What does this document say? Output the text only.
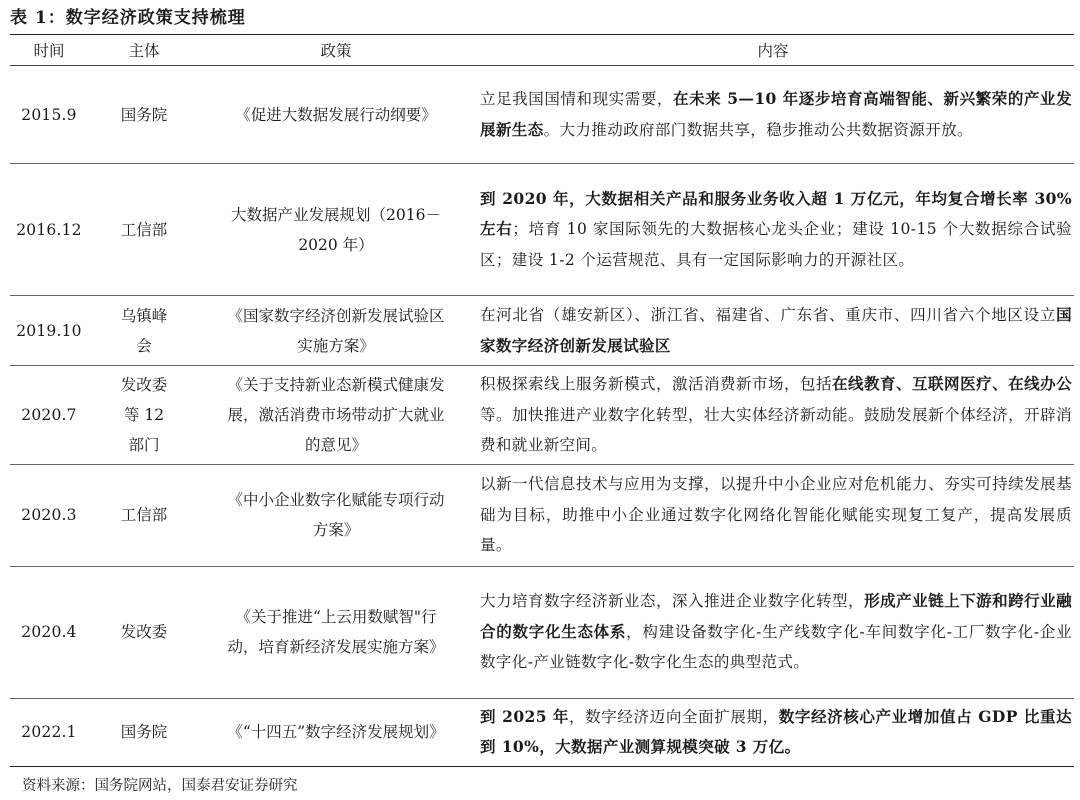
表 1：数字经济政策支持梳理
时间	主体	政策	内容

2015.9	国务院	《促进大数据发展行动纲要》	立足我国国情和现实需要，在未来 5—10 年逐步培育高端智能、新兴繁荣的产业发展新生态。大力推动政府部门数据共享，稳步推动公共数据资源开放。

2016.12	工信部	大数据产业发展规划（2016－2020 年）	到 2020 年，大数据相关产品和服务业务收入超 1 万亿元，年均复合增长率 30%左右；培育 10 家国际领先的大数据核心龙头企业；建设 10-15 个大数据综合试验区；建设 1-2 个运营规范、具有一定国际影响力的开源社区。

2019.10	乌镇峰会	《国家数字经济创新发展试验区实施方案》	在河北省（雄安新区）、浙江省、福建省、广东省、重庆市、四川省六个地区设立国家数字经济创新发展试验区

2020.7	发改委等 12 部门	《关于支持新业态新模式健康发展，激活消费市场带动扩大就业的意见》	积极探索线上服务新模式，激活消费新市场，包括在线教育、互联网医疗、在线办公等。加快推进产业数字化转型，壮大实体经济新动能。鼓励发展新个体经济，开辟消费和就业新空间。

2020.3	工信部	《中小企业数字化赋能专项行动方案》	以新一代信息技术与应用为支撑，以提升中小企业应对危机能力、夯实可持续发展基础为目标，助推中小企业通过数字化网络化智能化赋能实现复工复产，提高发展质量。

2020.4	发改委	《关于推进“上云用数赋智"行动，培育新经济发展实施方案》	大力培育数字经济新业态，深入推进企业数字化转型，形成产业链上下游和跨行业融合的数字化生态体系，构建设备数字化-生产线数字化-车间数字化-工厂数字化-企业数字化-产业链数字化-数字化生态的典型范式。

2022.1	国务院	《“十四五”数字经济发展规划》	到 2025 年，数字经济迈向全面扩展期，数字经济核心产业增加值占 GDP 比重达到 10%，大数据产业测算规模突破 3 万亿。
资料来源：国务院网站，国泰君安证券研究
